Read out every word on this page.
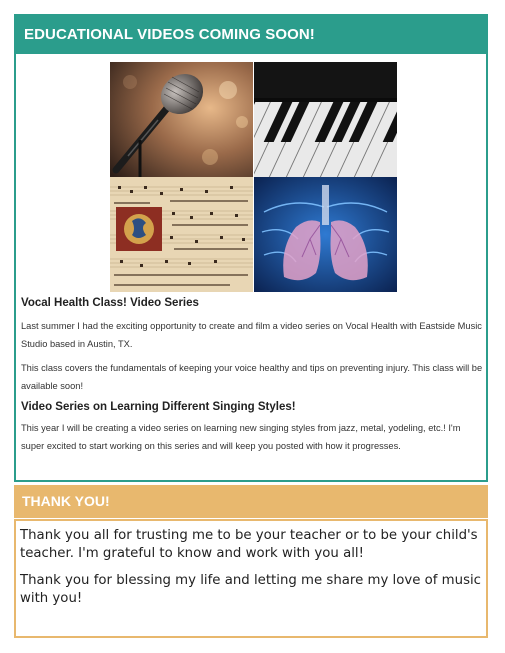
EDUCATIONAL VIDEOS COMING SOON!

Vocal Health Class! Video Series

Last summer I had the exciting opportunity to create and film a video series on Vocal Health with Eastside Music Studio based in Austin, TX.

This class covers the fundamentals of keeping your voice healthy and tips on preventing injury. This class will be available soon!

Video Series on Learning Different Singing Styles!

This year I will be creating a video series on learning new singing styles from jazz, metal, yodeling, etc.! I'm super excited to start working on this series and will keep you posted with how it progresses.

THANK YOU!

Thank you all for trusting me to be your teacher or to be your child's teacher. I'm grateful to know and work with you all!

Thank you for blessing my life and letting me share my love of music with you!
